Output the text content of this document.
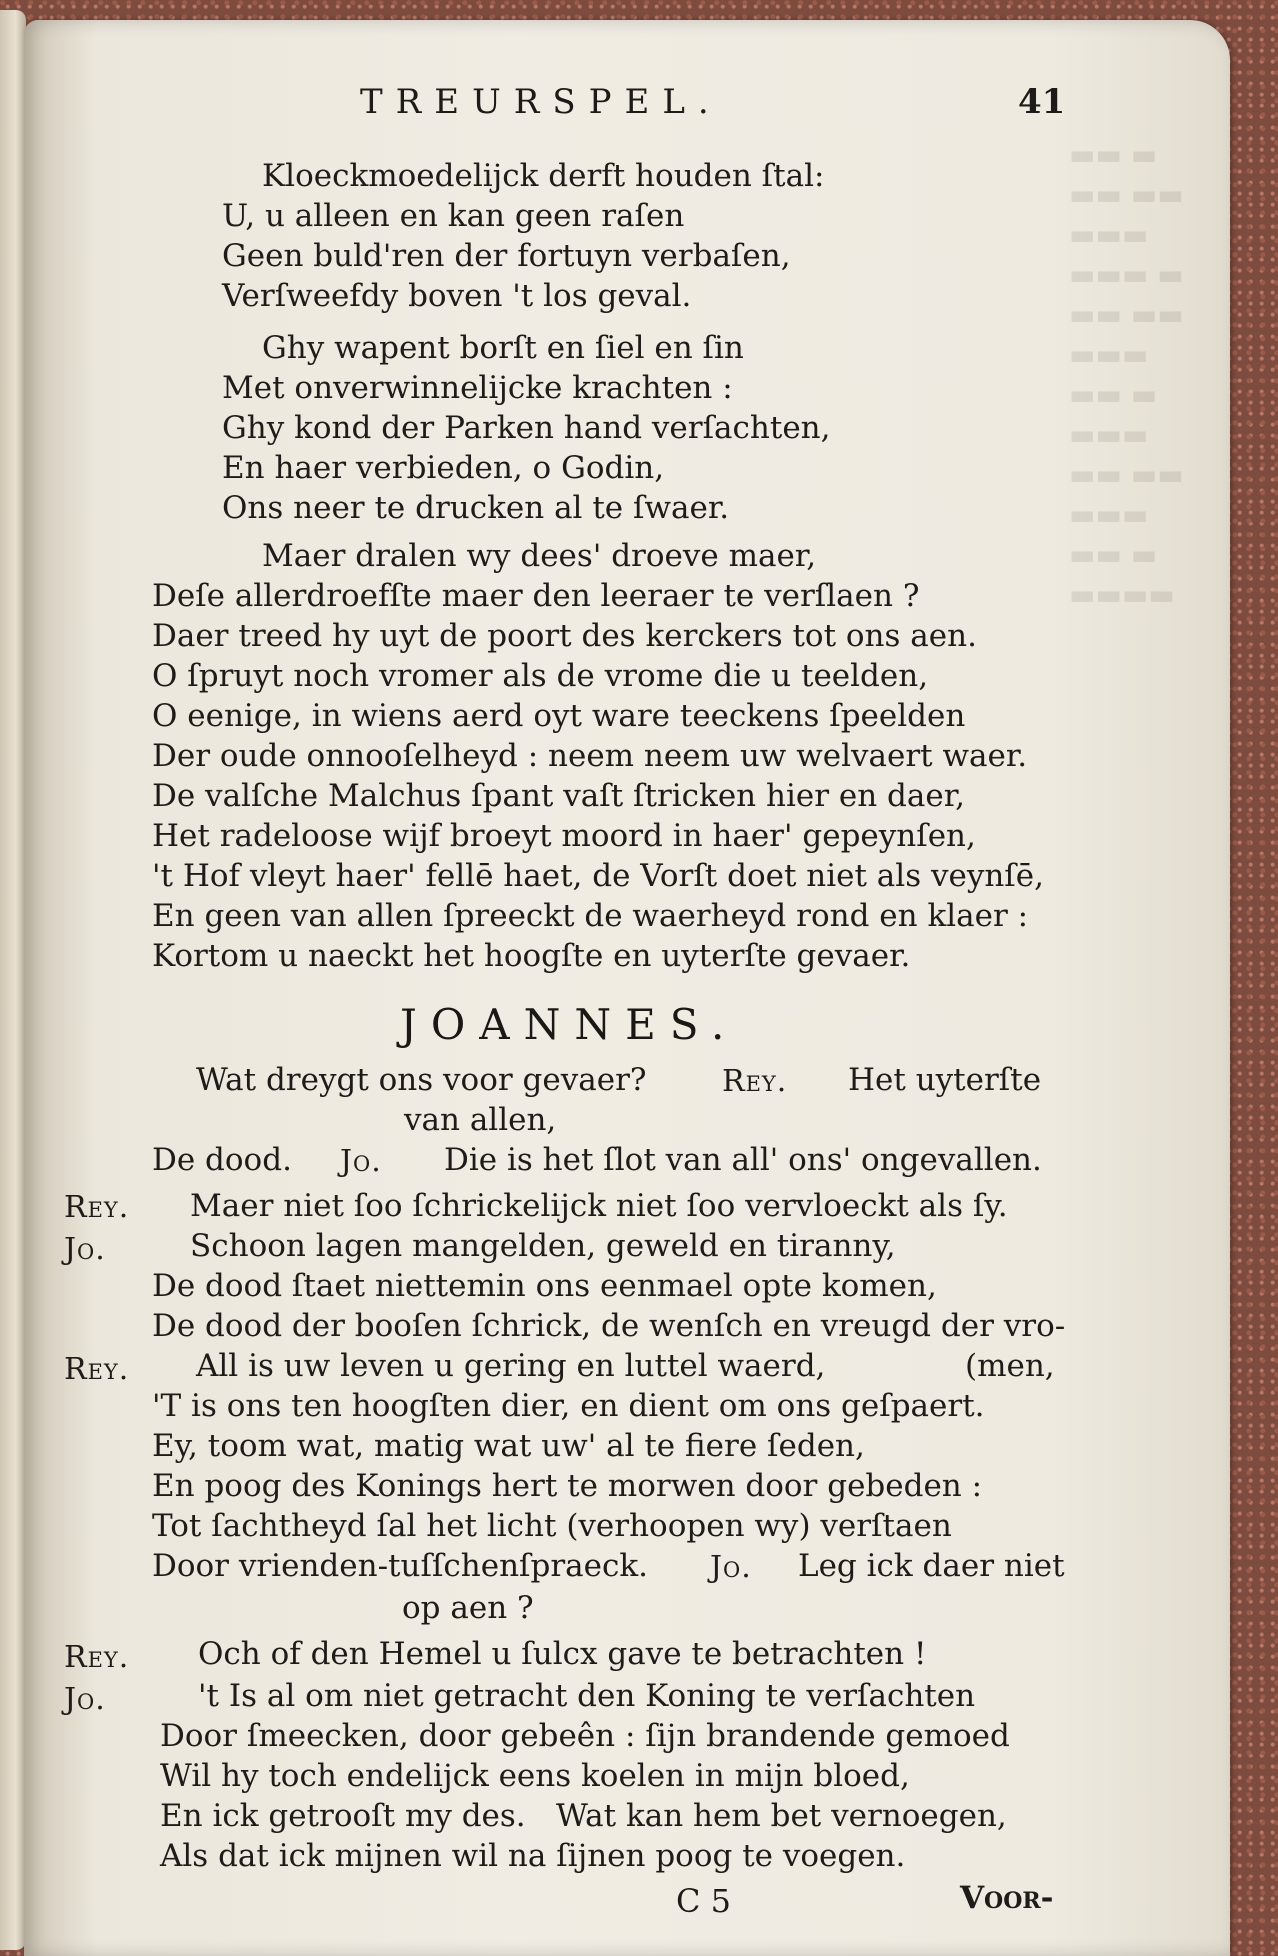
▬▬ ▬
▬▬ ▬▬
▬▬▬
▬▬▬ ▬
▬▬ ▬▬
▬▬▬
▬▬ ▬
▬▬▬
▬▬ ▬▬
▬▬▬
▬▬ ▬
▬▬▬▬
TREURSPEL.	41
Kloeckmoedelijck derft houden ſtal:
U, u alleen en kan geen raſen
Geen buld'ren der fortuyn verbaſen,
Verſweefdy boven 't los geval.
Ghy wapent borſt en ſiel en ſin
Met onverwinnelijcke krachten :
Ghy kond der Parken hand verſachten,
En haer verbieden, o Godin,
Ons neer te drucken al te ſwaer.
Maer dralen wy dees' droeve maer,
Deſe allerdroefſte maer den leeraer te verſlaen ?
Daer treed hy uyt de poort des kerckers tot ons aen.
O ſpruyt noch vromer als de vrome die u teelden,
O eenige, in wiens aerd oyt ware teeckens ſpeelden
Der oude onnooſelheyd : neem neem uw welvaert waer.
De valſche Malchus ſpant vaſt ſtricken hier en daer,
Het radeloose wijf broeyt moord in haer' gepeynſen,
't Hof vleyt haer' fellē haet, de Vorſt doet niet als veynſē,
En geen van allen ſpreeckt de waerheyd rond en klaer :
Kortom u naeckt het hoogſte en uyterſte gevaer.
JOANNES.
Wat dreygt ons voor gevaer?	Rey. Het uyterſte
van allen,
De dood. Jo. Die is het ſlot van all' ons' ongevallen.
Rey. Maer niet ſoo ſchrickelijck niet ſoo vervloeckt als ſy.
Jo.	Schoon lagen mangelden, geweld en tiranny,
De dood ſtaet niettemin ons eenmael opte komen,
De dood der booſen ſchrick, de wenſch en vreugd der vro-
Rey. All is uw leven u gering en luttel waerd,	(men,
'T is ons ten hoogſten dier, en dient om ons geſpaert.
Ey, toom wat, matig wat uw' al te fiere ſeden,
En poog des Konings hert te morwen door gebeden :
Tot ſachtheyd ſal het licht (verhoopen wy) verſtaen
Door vrienden-tuſſchenſpraeck. Jo. Leg ick daer niet
op aen ?
Rey. Och of den Hemel u ſulcx gave te betrachten !
Jo.	't Is al om niet getracht den Koning te verſachten
Door ſmeecken, door gebeên : ſijn brandende gemoed
Wil hy toch endelijck eens koelen in mijn bloed,
En ick getrooſt my des. Wat kan hem bet vernoegen,
Als dat ick mijnen wil na ſijnen poog te voegen.
C 5	Voor-
